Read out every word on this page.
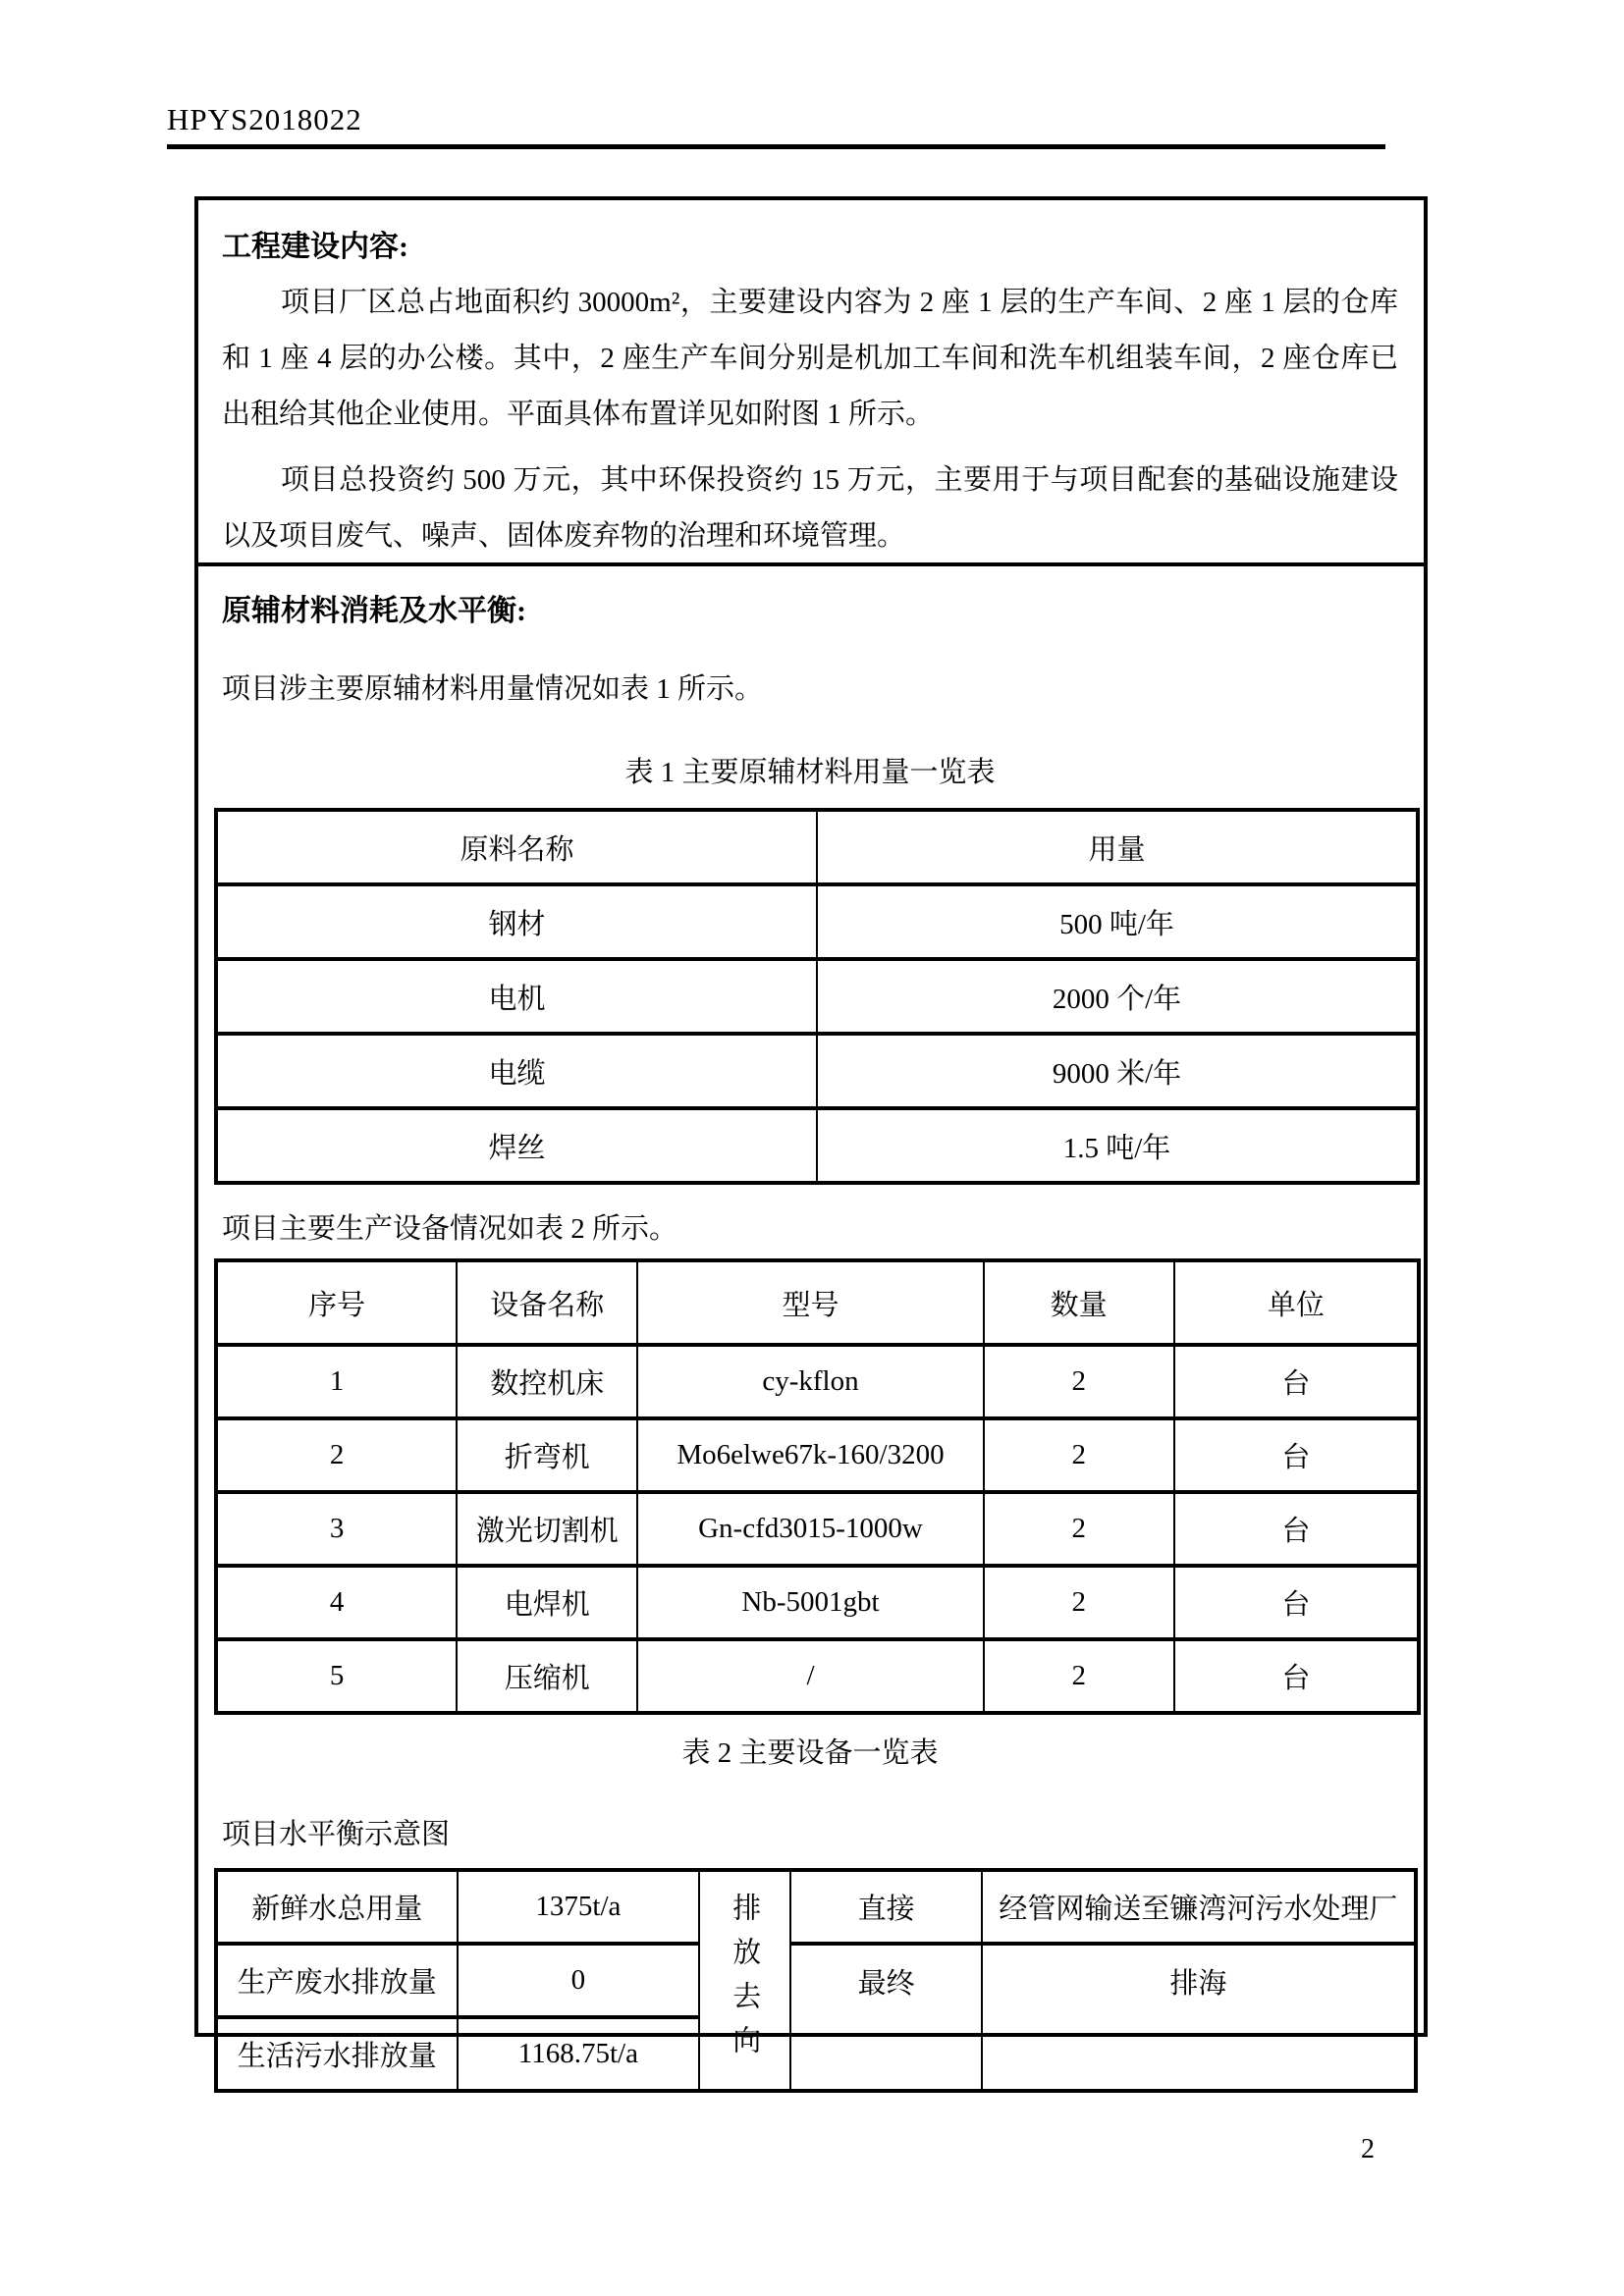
HPYS2018022
工程建设内容:

项目厂区总占地面积约 30000m²，主要建设内容为 2 座 1 层的生产车间、2 座 1 层的仓库和 1 座 4 层的办公楼。其中，2 座生产车间分别是机加工车间和洗车机组装车间，2 座仓库已出租给其他企业使用。平面具体布置详见如附图 1 所示。

项目总投资约 500 万元，其中环保投资约 15 万元，主要用于与项目配套的基础设施建设以及项目废气、噪声、固体废弃物的治理和环境管理。

原辅材料消耗及水平衡:

项目涉主要原辅材料用量情况如表 1 所示。

表 1 主要原辅材料用量一览表
原料名称	用量
钢材	500 吨/年
电机	2000 个/年
电缆	9000 米/年
焊丝	1.5 吨/年

项目主要生产设备情况如表 2 所示。

序号	设备名称	型号	数量	单位
1	数控机床	cy-kflon	2	台
2	折弯机	Mo6elwe67k-160/3200	2	台
3	激光切割机	Gn-cfd3015-1000w	2	台
4	电焊机	Nb-5001gbt	2	台
5	压缩机	/	2	台
表 2 主要设备一览表
项目水平衡示意图
新鲜水总用量	1375t/a	排放去向	直接	经管网输送至镰湾河污水处理厂
生产废水排放量	0		最终	排海
生活污水排放量	1168.75t/a			
2
